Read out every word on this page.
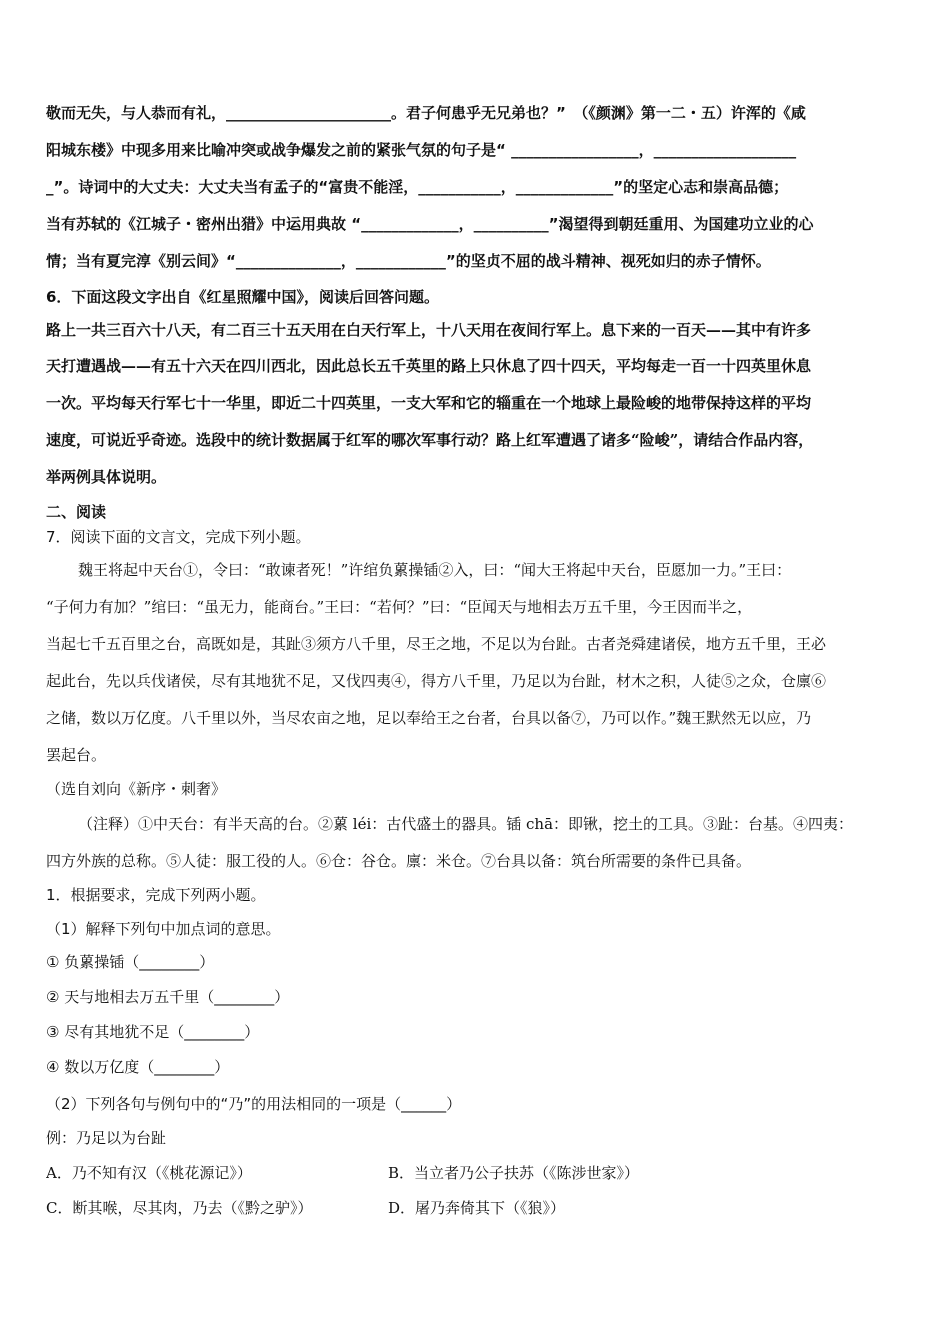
敬而无失，与人恭而有礼，______________________。君子何患乎无兄弟也？”　（《颜渊》第一二・五）许浑的《咸
阳城东楼》中现多用来比喻冲突或战争爆发之前的紧张气氛的句子是“ _________________，___________________
_”。诗词中的大丈夫：大丈夫当有孟子的“富贵不能淫，___________，_____________”的坚定心志和崇高品德；
当有苏轼的《江城子・密州出猎》中运用典故 “_____________，__________”渴望得到朝廷重用、为国建功立业的心
情；当有夏完淳《别云间》“______________，____________”的坚贞不屈的战斗精神、视死如归的赤子情怀。
6．下面这段文字出自《红星照耀中国》，阅读后回答问题。
路上一共三百六十八天，有二百三十五天用在白天行军上，十八天用在夜间行军上。息下来的一百天——其中有许多
天打遭遇战——有五十六天在四川西北，因此总长五千英里的路上只休息了四十四天，平均每走一百一十四英里休息
一次。平均每天行军七十一华里，即近二十四英里，一支大军和它的辎重在一个地球上最险峻的地带保持这样的平均
速度，可说近乎奇迹。选段中的统计数据属于红军的哪次军事行动？路上红军遭遇了诸多“险峻”，请结合作品内容，
举两例具体说明。
二、阅读
7．阅读下面的文言文，完成下列小题。
魏王将起中天台①，令曰：“敢谏者死！”许绾负蔂操锸②入，曰：“闻大王将起中天台，臣愿加一力。”王曰：
“子何力有加？”绾曰：“虽无力，能商台。”王曰：“若何？”曰：“臣闻天与地相去万五千里，今王因而半之，
当起七千五百里之台，高既如是，其趾③须方八千里，尽王之地，不足以为台趾。古者尧舜建诸侯，地方五千里，王必
起此台，先以兵伐诸侯，尽有其地犹不足，又伐四夷④，得方八千里，乃足以为台趾，材木之积，人徒⑤之众，仓廪⑥
之储，数以万亿度。八千里以外，当尽农亩之地，足以奉给王之台者，台具以备⑦，乃可以作。”魏王默然无以应，乃
罢起台。
（选自刘向《新序・刺奢》
（注释）①中天台：有半天高的台。②蔂 léi：古代盛土的器具。锸 chā：即锹，挖土的工具。③趾：台基。④四夷：
四方外族的总称。⑤人徒：服工役的人。⑥仓：谷仓。廪：米仓。⑦台具以备：筑台所需要的条件已具备。
1．根据要求，完成下列两小题。
（1）解释下列句中加点词的意思。
① 负蔂操锸（________）
② 天与地相去万五千里（________）
③ 尽有其地犹不足（________）
④ 数以万亿度（________）
（2）下列各句与例句中的“乃”的用法相同的一项是（______）
例：乃足以为台趾
A．乃不知有汉（《桃花源记》）	B．当立者乃公子扶苏（《陈涉世家》）
C．断其喉，尽其肉，乃去（《黔之驴》）	D．屠乃奔倚其下（《狼》）
